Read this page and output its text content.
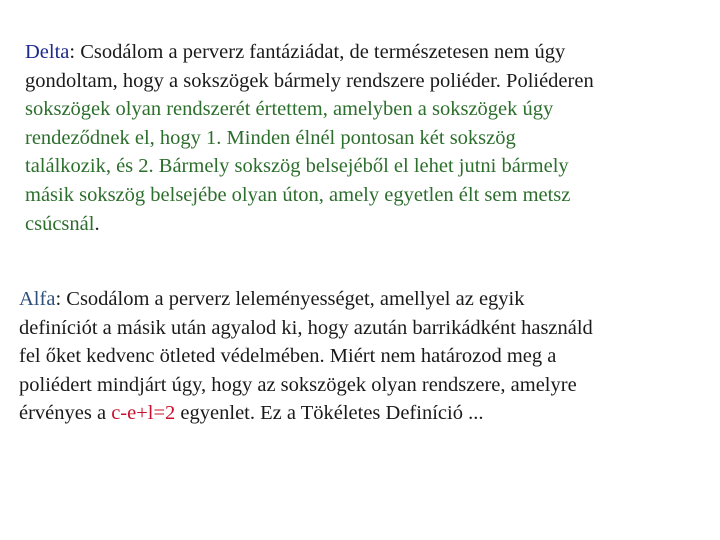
Delta: Csodálom a perverz fantáziádat, de természetesen nem úgy
gondoltam, hogy a sokszögek bármely rendszere poliéder. Poliéderen
sokszögek olyan rendszerét értettem, amelyben a sokszögek úgy
rendeződnek el, hogy 1. Minden élnél pontosan két sokszög
találkozik, és 2. Bármely sokszög belsejéből el lehet jutni bármely
másik sokszög belsejébe olyan úton, amely egyetlen élt sem metsz
csúcsnál.

Alfa: Csodálom a perverz leleményességet, amellyel az egyik
definíciót a másik után agyalod ki, hogy azután barrikádként használd
fel őket kedvenc ötleted védelmében. Miért nem határozod meg a
poliédert mindjárt úgy, hogy az sokszögek olyan rendszere, amelyre
érvényes a c-e+l=2 egyenlet. Ez a Tökéletes Definíció ...
